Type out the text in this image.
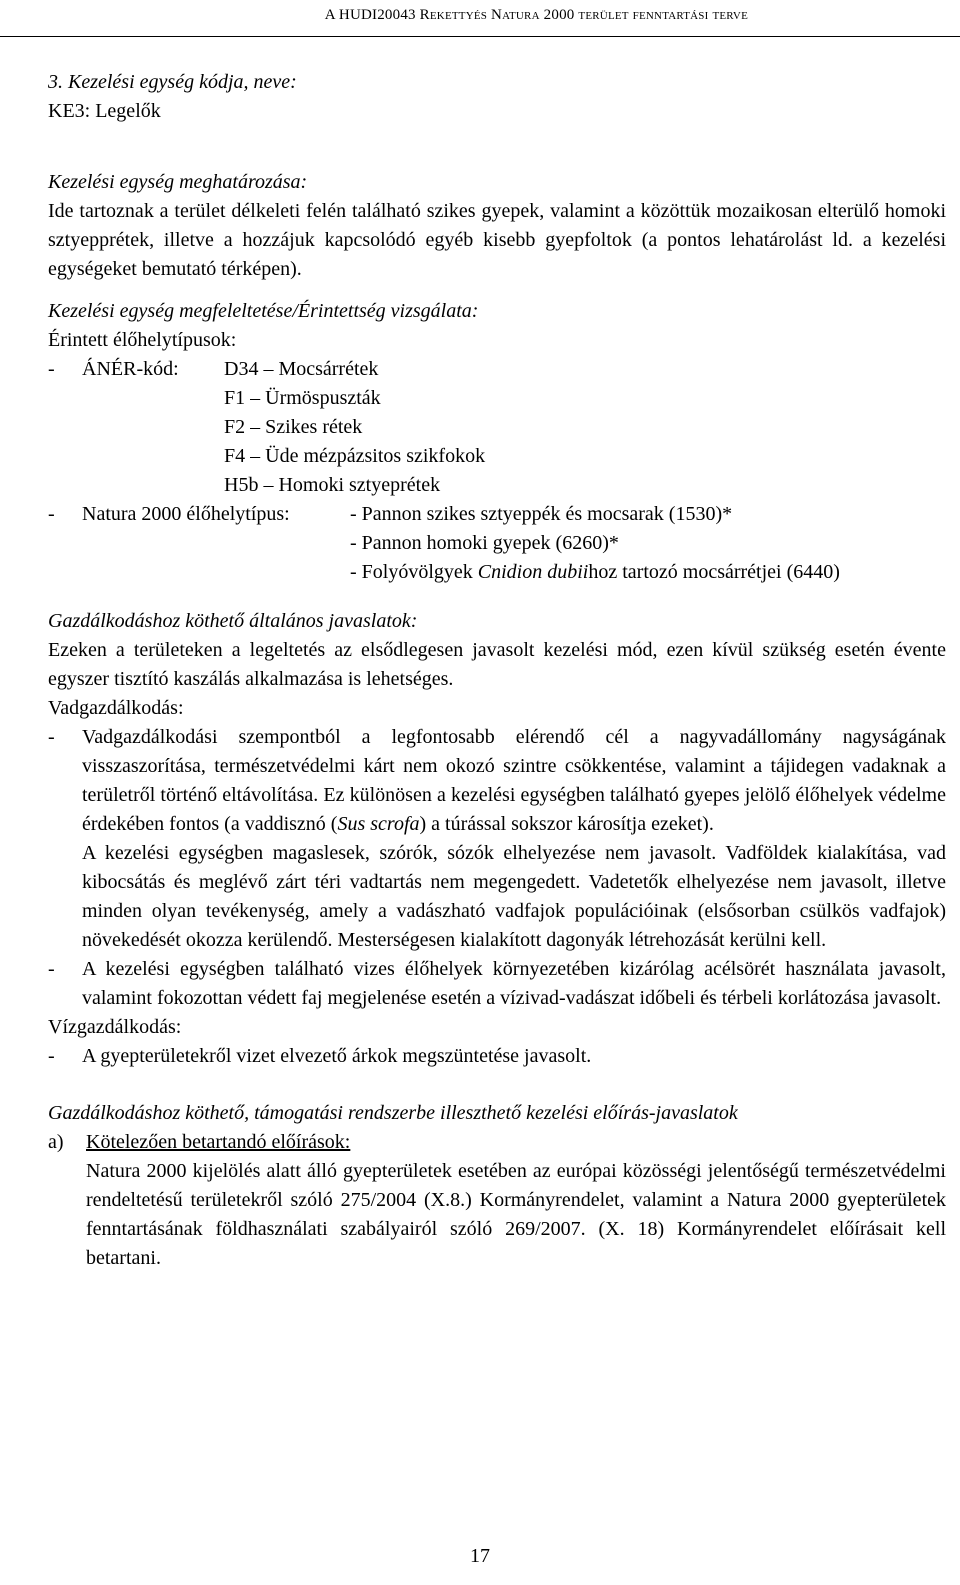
A HUDI20043 Rekettyés Natura 2000 terület fenntartási terve
3. Kezelési egység kódja, neve:
KE3: Legelők
Kezelési egység meghatározása:
Ide tartoznak a terület délkeleti felén található szikes gyepek, valamint a közöttük mozaikosan elterülő homoki sztyepprétek, illetve a hozzájuk kapcsolódó egyéb kisebb gyepfoltok (a pontos lehatárolást ld. a kezelési egységeket bemutató térképen).
Kezelési egység megfeleltetése/Érintettség vizsgálata:
Érintett élőhelytípusok:
-	ÁNÉR-kód:	D34 – Mocsárrétek
F1 – Ürmöspuszták
F2 – Szikes rétek
F4 – Üde mézpázsitos szikfokok
H5b – Homoki sztyeprétek
-	Natura 2000 élőhelytípus:	- Pannon szikes sztyeppék és mocsarak (1530)*
- Pannon homoki gyepek (6260)*
- Folyóvölgyek Cnidion dubiihoz tartozó mocsárrétjei (6440)
Gazdálkodáshoz köthető általános javaslatok:
Ezeken a területeken a legeltetés az elsődlegesen javasolt kezelési mód, ezen kívül szükség esetén évente egyszer tisztító kaszálás alkalmazása is lehetséges.
Vadgazdálkodás:
-	Vadgazdálkodási szempontból a legfontosabb elérendő cél a nagyvadállomány nagyságának visszaszorítása, természetvédelmi kárt nem okozó szintre csökkentése, valamint a tájidegen vadaknak a területről történő eltávolítása. Ez különösen a kezelési egységben található gyepes jelölő élőhelyek védelme érdekében fontos (a vaddisznó (Sus scrofa) a túrással sokszor károsítja ezeket).
A kezelési egységben magaslesek, szórók, sózók elhelyezése nem javasolt. Vadföldek kialakítása, vad kibocsátás és meglévő zárt téri vadtartás nem megengedett. Vadetetők elhelyezése nem javasolt, illetve minden olyan tevékenység, amely a vadászható vadfajok populációinak (elsősorban csülkös vadfajok) növekedését okozza kerülendő. Mesterségesen kialakított dagonyák létrehozását kerülni kell.
-	A kezelési egységben található vizes élőhelyek környezetében kizárólag acélsörét használata javasolt, valamint fokozottan védett faj megjelenése esetén a vízivad-vadászat időbeli és térbeli korlátozása javasolt.
Vízgazdálkodás:
-	A gyepterületekről vizet elvezető árkok megszüntetése javasolt.
Gazdálkodáshoz köthető, támogatási rendszerbe illeszthető kezelési előírás-javaslatok
a)	Kötelezően betartandó előírások:
Natura 2000 kijelölés alatt álló gyepterületek esetében az európai közösségi jelentőségű természetvédelmi rendeltetésű területekről szóló 275/2004 (X.8.) Kormányrendelet, valamint a Natura 2000 gyepterületek fenntartásának földhasználati szabályairól szóló 269/2007. (X. 18) Kormányrendelet előírásait kell betartani.
17
